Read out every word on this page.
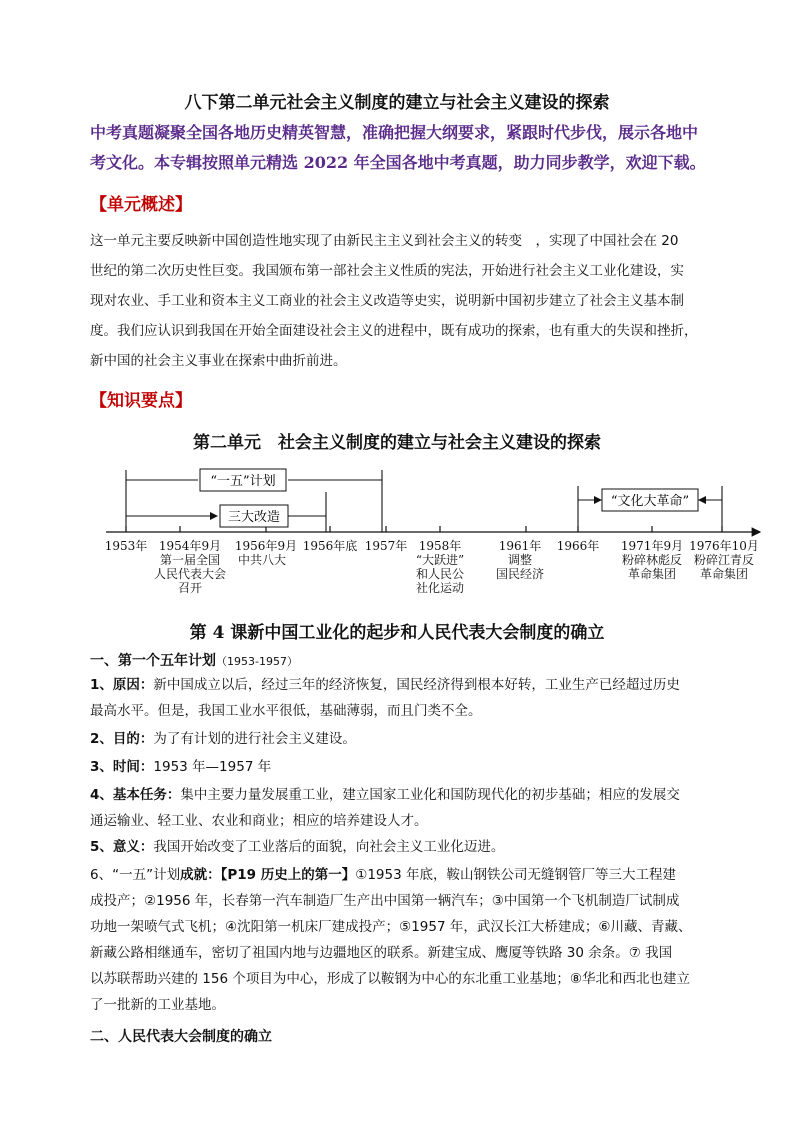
八下第二单元社会主义制度的建立与社会主义建设的探索
中考真题凝聚全国各地历史精英智慧，准确把握大纲要求，紧跟时代步伐，展示各地中
考文化。本专辑按照单元精选 2022 年全国各地中考真题，助力同步教学，欢迎下载。
【单元概述】
这一单元主要反映新中国创造性地实现了由新民主主义到社会主义的转变　，实现了中国社会在 20
世纪的第二次历史性巨变。我国颁布第一部社会主义性质的宪法，开始进行社会主义工业化建设，实
现对农业、手工业和资本主义工商业的社会主义改造等史实，说明新中国初步建立了社会主义基本制
度。我们应认识到我国在开始全面建设社会主义的进程中，既有成功的探索，也有重大的失误和挫折，
新中国的社会主义事业在探索中曲折前进。
【知识要点】
第二单元　社会主义制度的建立与社会主义建设的探索
“一五”计划
三大改造
“文化大革命”
1953年 1954年9月
第一届全国
人民代表大会
召开
1956年9月
中共八大
1956年底 1957年 1958年
“大跃进”
和人民公
社化运动
1961年
调整
国民经济
1966年 1971年9月
粉碎林彪反
革命集团
1976年10月
粉碎江青反
革命集团
第 4 课新中国工业化的起步和人民代表大会制度的确立
一、第一个五年计划（1953-1957）
1、原因：新中国成立以后，经过三年的经济恢复，国民经济得到根本好转，工业生产已经超过历史
最高水平。但是，我国工业水平很低，基础薄弱，而且门类不全。
2、目的：为了有计划的进行社会主义建设。
3、时间：1953 年—1957 年
4、基本任务：集中主要力量发展重工业，建立国家工业化和国防现代化的初步基础；相应的发展交
通运输业、轻工业、农业和商业；相应的培养建设人才。
5、意义：我国开始改变了工业落后的面貌，向社会主义工业化迈进。
6、“一五”计划成就：【P19 历史上的第一】①1953 年底，鞍山钢铁公司无缝钢管厂等三大工程建
成投产；②1956 年，长春第一汽车制造厂生产出中国第一辆汽车；③中国第一个飞机制造厂试制成
功地一架喷气式飞机；④沈阳第一机床厂建成投产；⑤1957 年，武汉长江大桥建成；⑥川藏、青藏、
新藏公路相继通车，密切了祖国内地与边疆地区的联系。新建宝成、鹰厦等铁路 30 余条。⑦ 我国
以苏联帮助兴建的 156 个项目为中心，形成了以鞍钢为中心的东北重工业基地；⑧华北和西北也建立
了一批新的工业基地。
二、人民代表大会制度的确立
